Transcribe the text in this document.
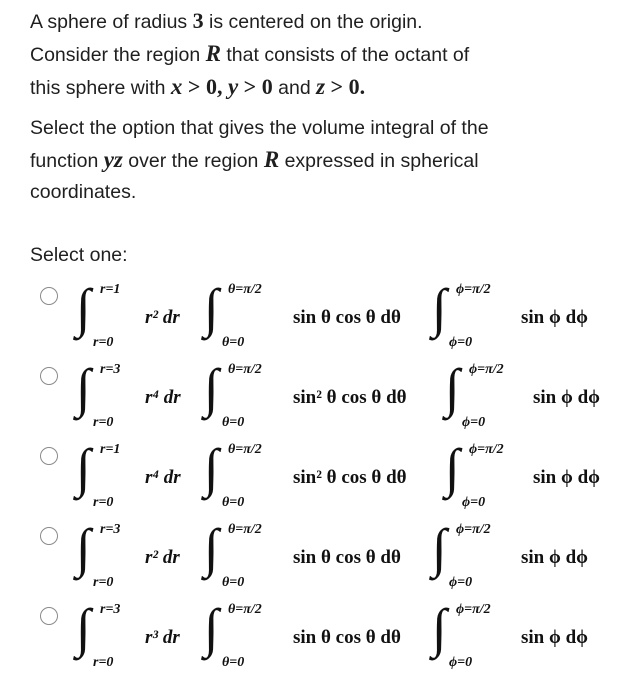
A sphere of radius 3 is centered on the origin.
Consider the region R that consists of the octant of
this sphere with x > 0, y > 0 and z > 0.
Select the option that gives the volume integral of the
function yz over the region R expressed in spherical
coordinates.
Select one:
∫ r=1
r=0
r² dr ∫ θ=π/2
θ=0
sin θ cos θ dθ ∫ ϕ=π/2
ϕ=0
sin ϕ dϕ
∫ r=3
r=0
r⁴ dr ∫ θ=π/2
θ=0
sin² θ cos θ dθ ∫ ϕ=π/2
ϕ=0
sin ϕ dϕ
∫ r=1
r=0
r⁴ dr ∫ θ=π/2
θ=0
sin² θ cos θ dθ ∫ ϕ=π/2
ϕ=0
sin ϕ dϕ
∫ r=3
r=0
r² dr ∫ θ=π/2
θ=0
sin θ cos θ dθ ∫ ϕ=π/2
ϕ=0
sin ϕ dϕ
∫ r=3
r=0
r³ dr ∫ θ=π/2
θ=0
sin θ cos θ dθ ∫ ϕ=π/2
ϕ=0
sin ϕ dϕ
